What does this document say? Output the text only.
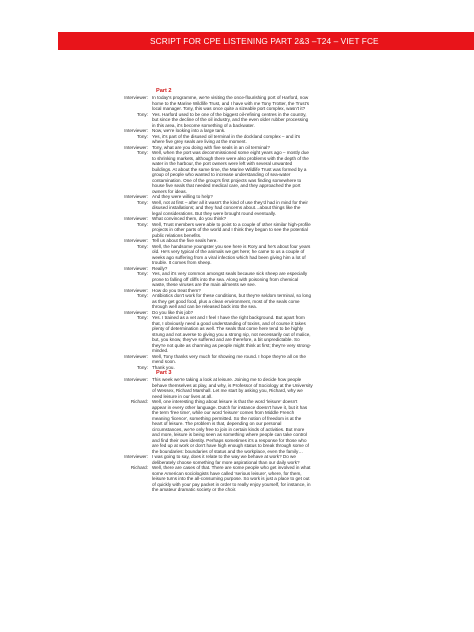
SCRIPT FOR CPE LISTENING PART 2&3 –T24 – VIET FCE
Part 2
Interviewer: In today's programme, we're visiting the once-flourishing port of Harford, now
home to the Marine Wildlife Trust, and I have with me Tony Trotter, the Trust's
local manager. Tony, this was once quite a sizeable port complex, wasn't it?
Tony: Yes. Harford used to be one of the biggest oil-refining centres in the country,
but since the decline of the oil industry, and the even older rubber processing
in this area, it's become something of a backwater.
Interviewer: Now, we're looking into a large tank.
Tony: Yes, it's part of the disused oil terminal in the dockland complex – and it's
where five grey seals are living at the moment.
Interviewer: Tony, what are you doing with five seals in an oil terminal?
Tony: Well, when the port was decommissioned some eight years ago – mostly due
to shrinking markets, although there were also problems with the depth of the
water in the harbour, the port owners were left with several unwanted
buildings. At about the same time, the Marine Wildlife Trust was formed by a
group of people who wanted to increase understanding of sea-water
contamination. One of the group's first projects was finding somewhere to
house five seals that needed medical care, and they approached the port
owners for ideas.
Interviewer: And they were willing to help?
Tony: Well, not at first – after all it wasn't the kind of use they'd had in mind for their
disused installations; and they had concerns about…about things like the
legal considerations. But they were brought round eventually.
Interviewer: What convinced them, do you think?
Tony: Well, Trust members were able to point to a couple of other similar high-profile
projects in other parts of the world and I think they began to see the potential
public relations benefits.
Interviewer: Tell us about the five seals here.
Tony: Well, the handsome youngster you see here is Rory and he's about four years
old. He's very typical of the animals we get here; he came to us a couple of
weeks ago suffering from a viral infection which had been giving him a lot of
trouble. It comes from sheep.
Interviewer: Really?
Tony: Yes, and it's very common amongst seals because sick sheep are especially
prone to falling off cliffs into the sea. Along with poisoning from chemical
waste, these viruses are the main ailments we see.
Interviewer: How do you treat them?
Tony: Antibiotics don't work for these conditions, but they're seldom terminal, so long
as they get good food, plus a clean environment, most of the seals come
through well and can be released back into the sea.
Interviewer: Do you like this job?
Tony: Yes. I trained as a vet and I feel I have the right background. But apart from
that, I obviously need a good understanding of toxins, and of course it takes
plenty of determination as well. The seals that come here tend to be highly
strung and not averse to giving you a strong nip, not necessarily out of malice,
but, you know, they've suffered and are therefore, a bit unpredictable. So
they're not quite as charming as people might think at first; they're very strong-
minded.
Interviewer: Well, Tony thanks very much for showing me round. I hope they're all on the
mend soon.
Tony: Thank you.
Part 3
Interviewer: This week we're taking a look at leisure. Joining me to decide how people
behave themselves at play, and why, is Professor of Sociology at the University
of Wessex, Richard Marshall. Let me start by asking you, Richard, why we
need leisure in our lives at all.
Richard: Well, one interesting thing about leisure is that the word 'leisure' doesn't
appear in every other language. Dutch for instance doesn't have it, but it has
the term 'free time', while our word 'leisure' comes from Middle French
meaning 'licence', something permitted. So the notion of freedom is at the
heart of leisure. The problem is that, depending on our personal
circumstances, we're only free to join in certain kinds of activities. But more
and more, leisure is being seen as something where people can take control
and find their own identity. Perhaps sometimes it's a response for those who
are fed up at work or don't have high enough status to break through some of
the boundaries: boundaries of status and the workplace, even the family…
Interviewer: I was going to say, does it relate to the way we behave at work? Do we
deliberately choose something far more aspirational than our daily work?
Richard: Well, there are cases of that. There are some people who get involved in what
some American sociologists have called 'serious leisure', where, for them,
leisure turns into the all-consuming purpose. So work is just a place to get out
of quickly with your pay packet in order to really enjoy yourself, for instance, in
the amateur dramatic society or the choir.
